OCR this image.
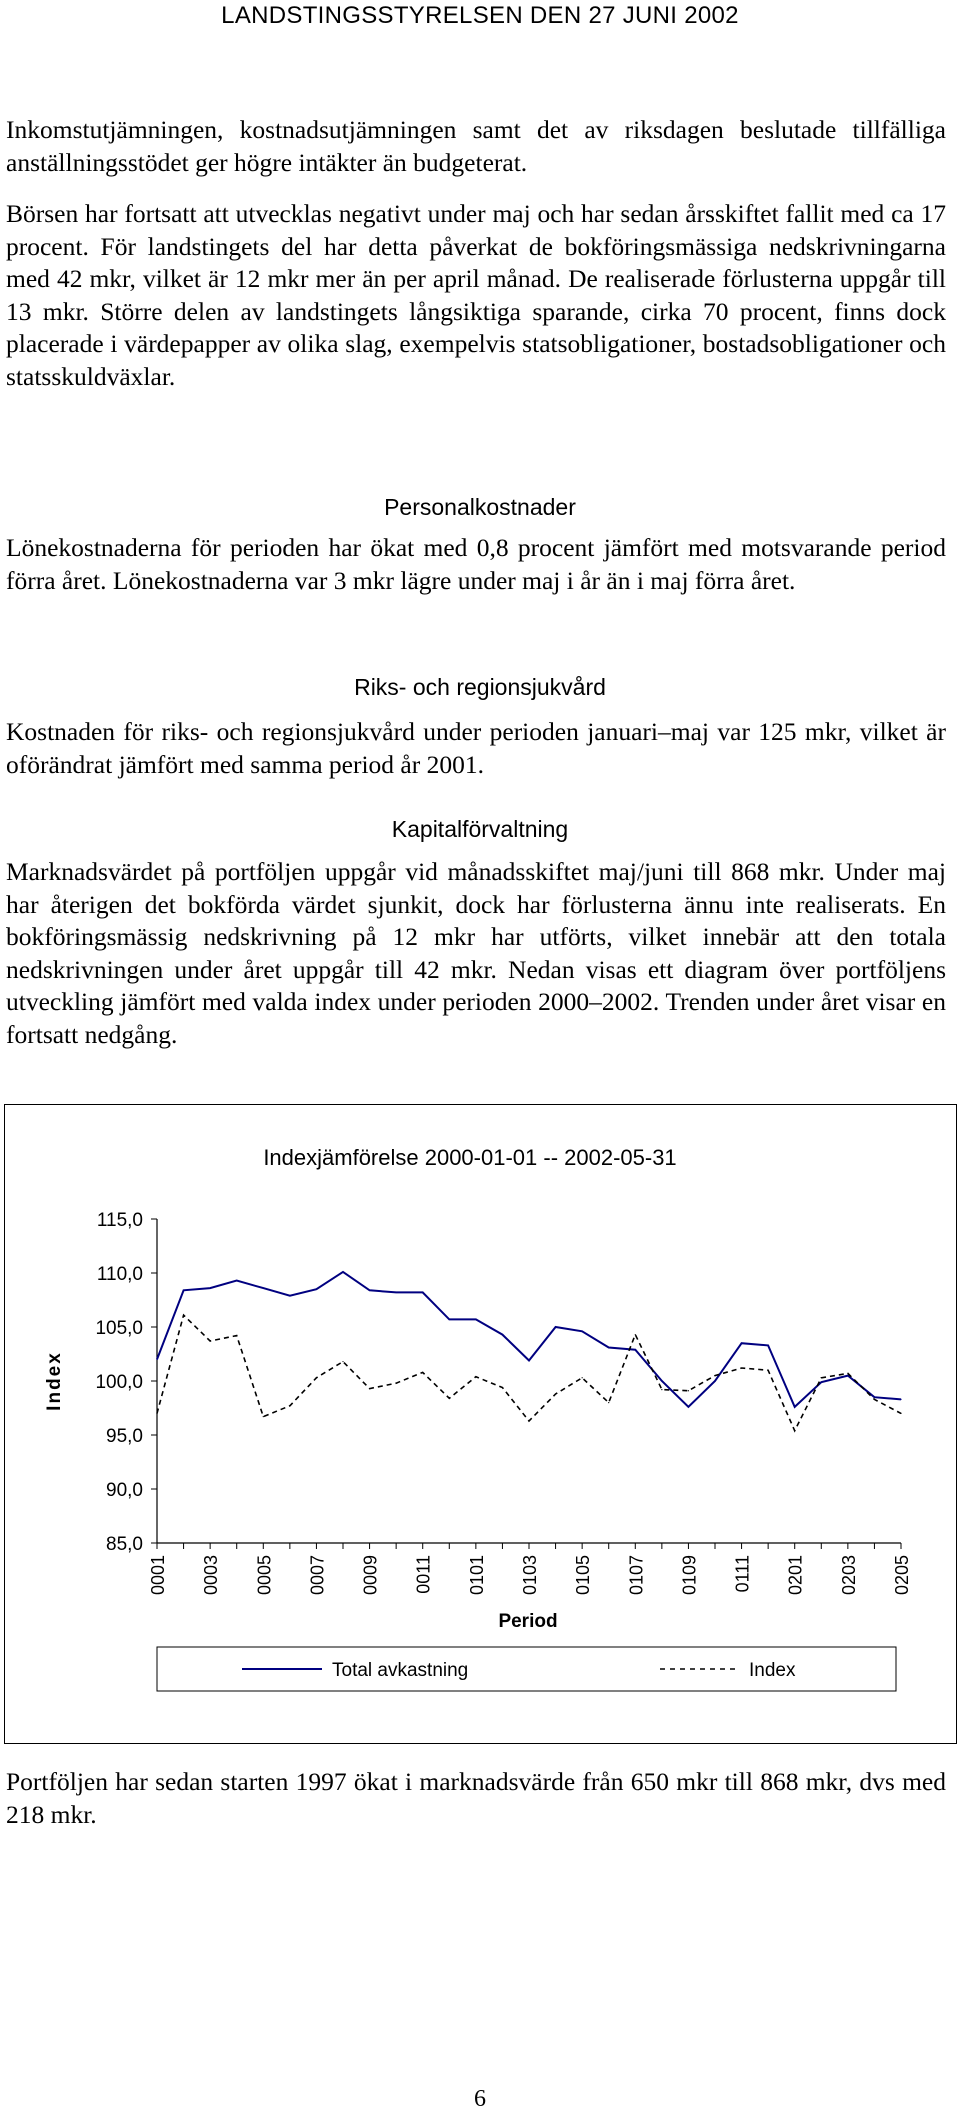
LANDSTINGSSTYRELSEN DEN 27 JUNI 2002

Inkomstutjämningen, kostnadsutjämningen samt det av riksdagen beslutade tillfälliga anställningsstödet ger högre intäkter än budgeterat.

Börsen har fortsatt att utvecklas negativt under maj och har sedan årsskiftet fallit med ca 17 procent. För landstingets del har detta påverkat de bokföringsmässiga nedskrivningarna med 42 mkr, vilket är 12 mkr mer än per april månad. De realiserade förlusterna uppgår till 13 mkr. Större delen av landstingets långsiktiga sparande, cirka 70 procent, finns dock placerade i värdepapper av olika slag, exempelvis statsobligationer, bostadsobligationer och statsskuldväxlar.

Personalkostnader

Lönekostnaderna för perioden har ökat med 0,8 procent jämfört med motsvarande period förra året. Lönekostnaderna var 3 mkr lägre under maj i år än i maj förra året.

Riks- och regionsjukvård

Kostnaden för riks- och regionsjukvård under perioden januari–maj var 125 mkr, vilket är oförändrat jämfört med samma period år 2001.

Kapitalförvaltning

Marknadsvärdet på portföljen uppgår vid månadsskiftet maj/juni till 868 mkr. Under maj har återigen det bokförda värdet sjunkit, dock har förlusterna ännu inte realiserats. En bokföringsmässig nedskrivning på 12 mkr har utförts, vilket innebär att den totala nedskrivningen under året uppgår till 42 mkr. Nedan visas ett diagram över portföljens utveckling jämfört med valda index under perioden 2000–2002. Trenden under året visar en fortsatt nedgång.

Indexjämförelse 2000-01-01 -- 2002-05-31
Index
Period
85,0
90,0
95,0
100,0
105,0
110,0
115,0
0001 0003 0005 0007 0009 0011 0101 0103 0105 0107 0109 0111 0201 0203 0205
Total avkastning	Index

Portföljen har sedan starten 1997 ökat i marknadsvärde från 650 mkr till 868 mkr, dvs med 218 mkr.

6
